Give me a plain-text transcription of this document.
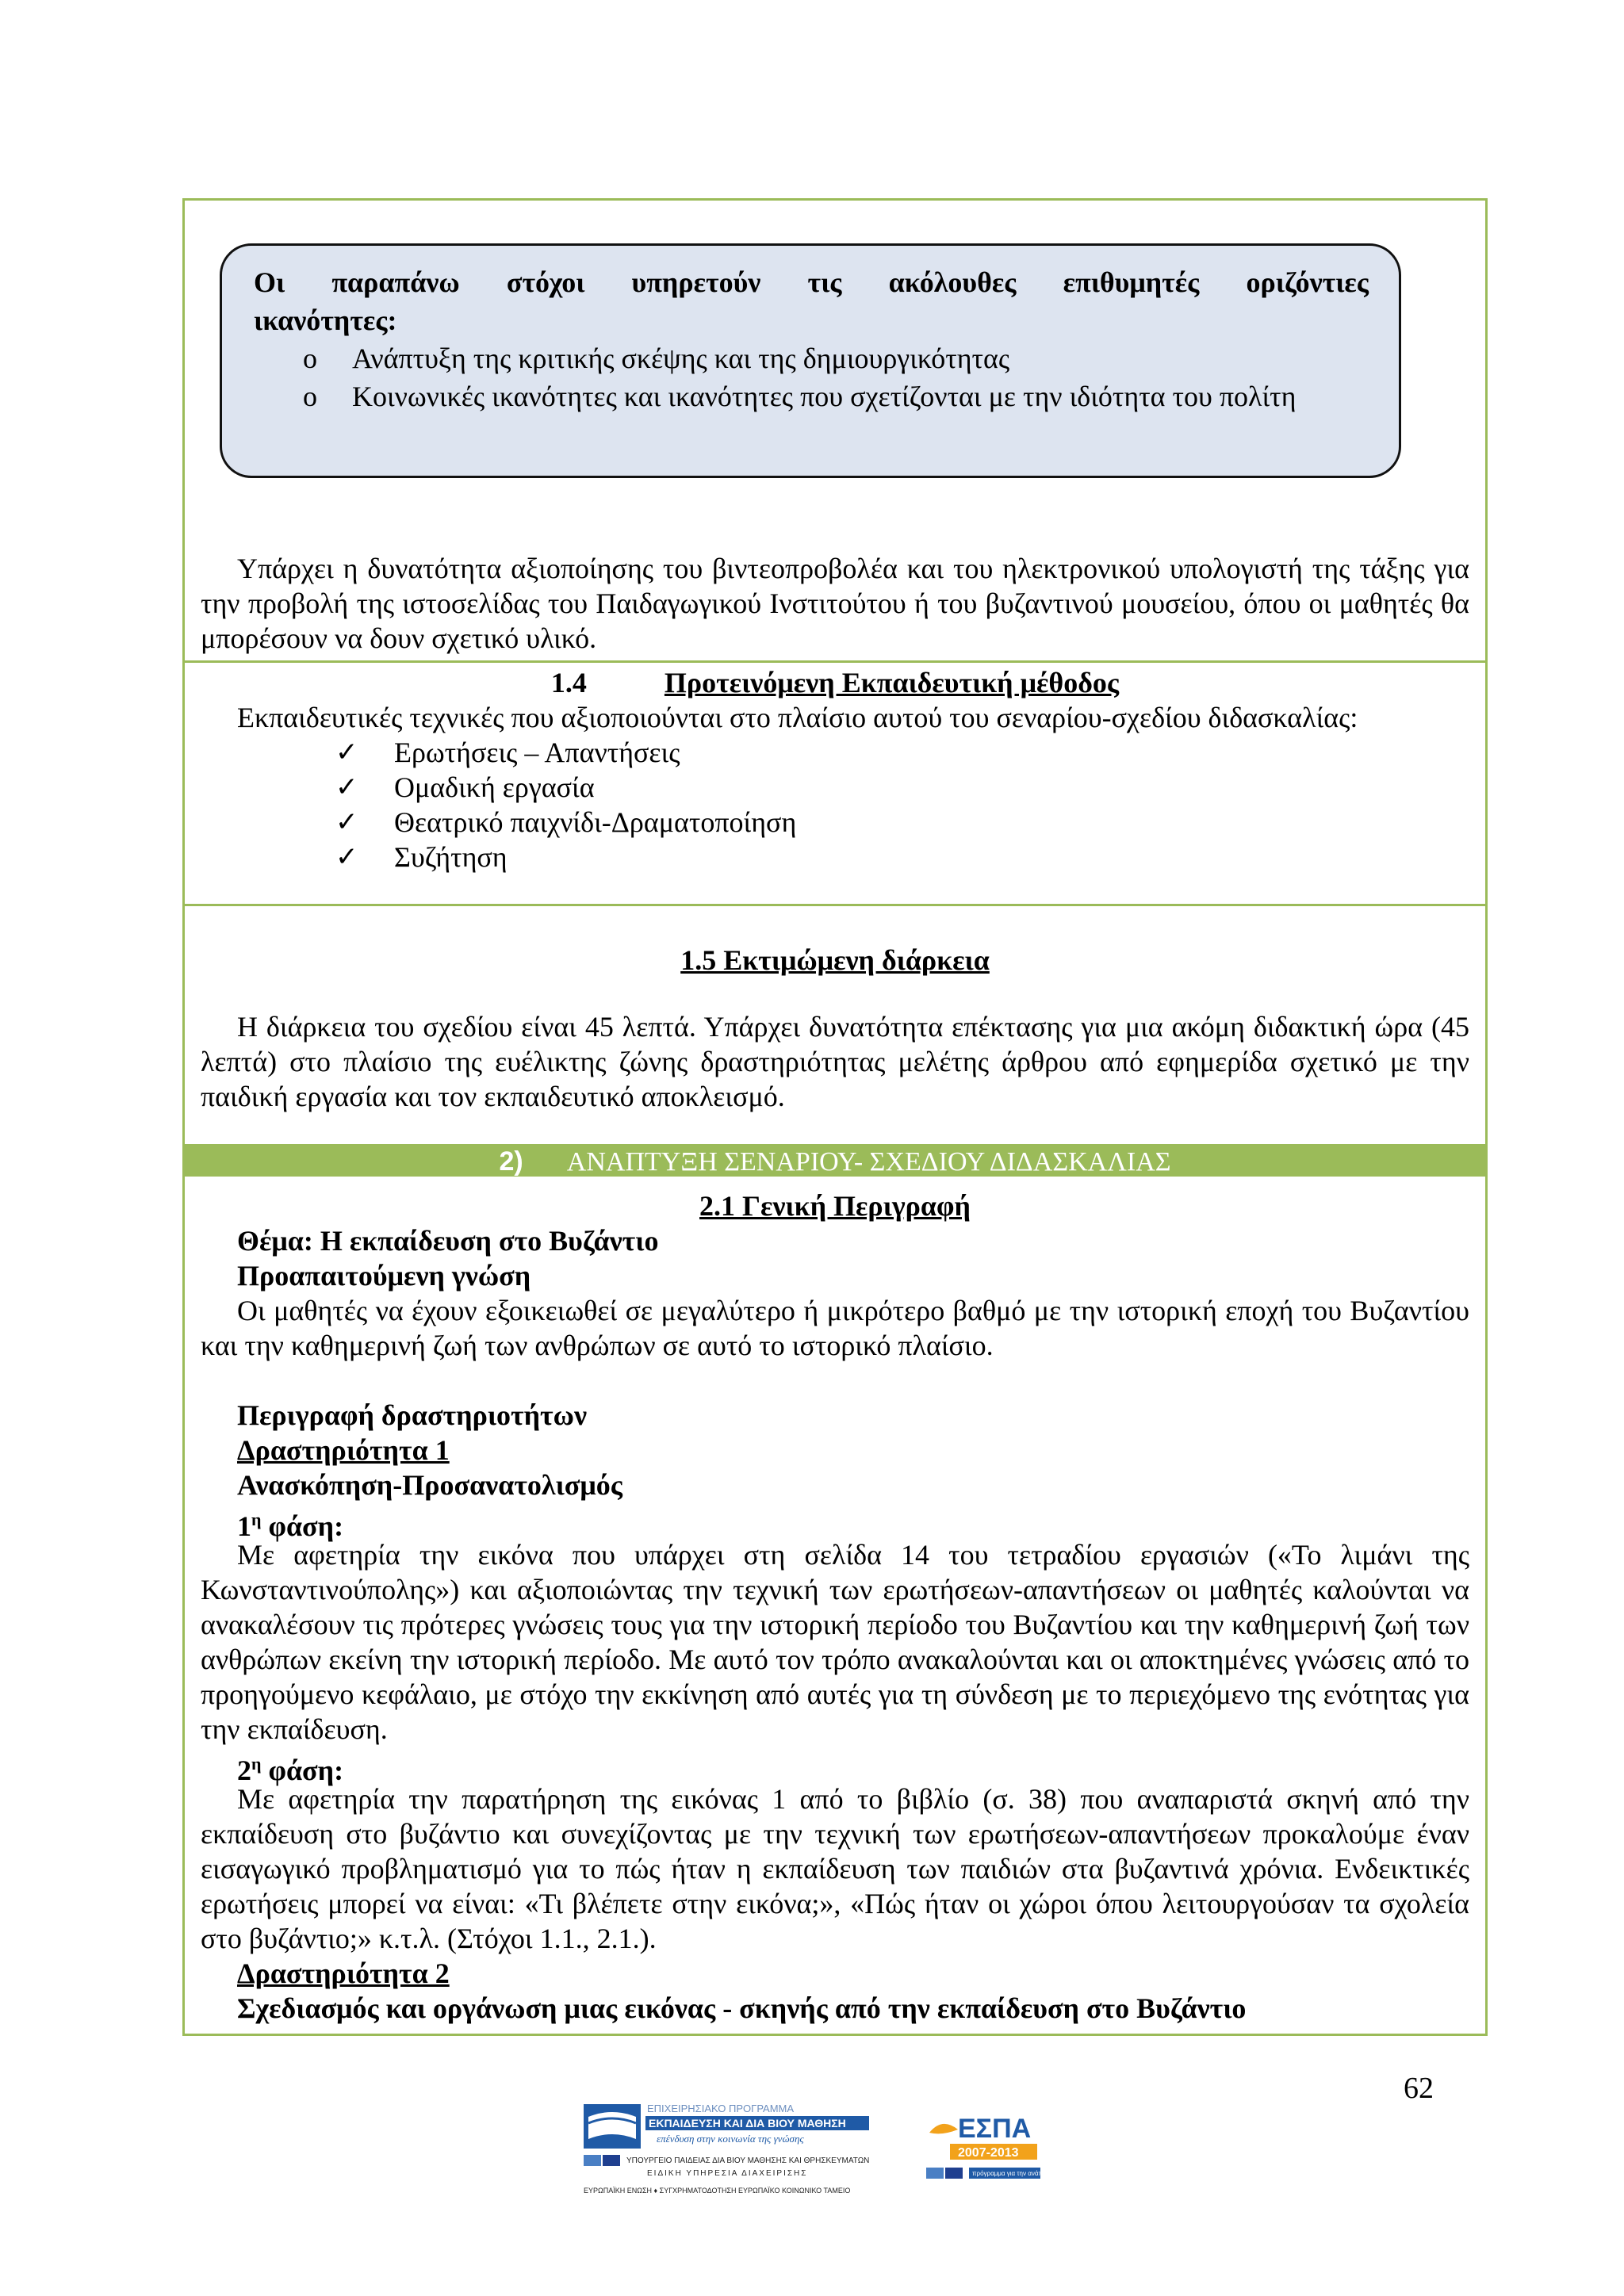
Οι παραπάνω στόχοι υπηρετούν τις ακόλουθες επιθυμητές οριζόντιες
ικανότητες:
o	Ανάπτυξη της κριτικής σκέψης και της δημιουργικότητας
o	Κοινωνικές ικανότητες και ικανότητες που σχετίζονται με την ιδιότητα του πολίτη
Υπάρχει η δυνατότητα αξιοποίησης του βιντεοπροβολέα και του ηλεκτρονικού υπολογιστή της τάξης για την προβολή της ιστοσελίδας του Παιδαγωγικού Ινστιτούτου ή του βυζαντινού μουσείου, όπου οι μαθητές θα μπορέσουν να δουν σχετικό υλικό.
1.4	Προτεινόμενη Εκπαιδευτική μέθοδος
Εκπαιδευτικές τεχνικές που αξιοποιούνται στο πλαίσιο αυτού του σεναρίου-σχεδίου διδασκαλίας:
✓ Ερωτήσεις – Απαντήσεις
✓ Ομαδική εργασία
✓ Θεατρικό παιχνίδι-Δραματοποίηση
✓ Συζήτηση
1.5 Εκτιμώμενη διάρκεια
Η διάρκεια του σχεδίου είναι 45 λεπτά. Υπάρχει δυνατότητα επέκτασης για μια ακόμη διδακτική ώρα (45 λεπτά) στο πλαίσιο της ευέλικτης ζώνης δραστηριότητας μελέτης άρθρου από εφημερίδα σχετικό με την παιδική εργασία και τον εκπαιδευτικό αποκλεισμό.
2) ΑΝΑΠΤΥΞΗ ΣΕΝΑΡΙΟΥ- ΣΧΕΔΙΟΥ ΔΙΔΑΣΚΑΛΙΑΣ
2.1 Γενική Περιγραφή
Θέμα: Η εκπαίδευση στο Βυζάντιο
Προαπαιτούμενη γνώση
Οι μαθητές να έχουν εξοικειωθεί σε μεγαλύτερο ή μικρότερο βαθμό με την ιστορική εποχή του Βυζαντίου και την καθημερινή ζωή των ανθρώπων σε αυτό το ιστορικό πλαίσιο.
Περιγραφή δραστηριοτήτων
Δραστηριότητα 1
Ανασκόπηση-Προσανατολισμός
$1^\eta$ φάση:
Με αφετηρία την εικόνα που υπάρχει στη σελίδα 14 του τετραδίου εργασιών («Το λιμάνι της Κωνσταντινούπολης») και αξιοποιώντας την τεχνική των ερωτήσεων-απαντήσεων οι μαθητές καλούνται να ανακαλέσουν τις πρότερες γνώσεις τους για την ιστορική περίοδο του Βυζαντίου και την καθημερινή ζωή των ανθρώπων εκείνη την ιστορική περίοδο. Με αυτό τον τρόπο ανακαλούνται και οι αποκτημένες γνώσεις από το προηγούμενο κεφάλαιο, με στόχο την εκκίνηση από αυτές για τη σύνδεση με το περιεχόμενο της ενότητας για την εκπαίδευση.
$2^\eta$ φάση:
Με αφετηρία την παρατήρηση της εικόνας 1 από το βιβλίο (σ. 38) που αναπαριστά σκηνή από την εκπαίδευση στο βυζάντιο και συνεχίζοντας με την τεχνική των ερωτήσεων-απαντήσεων προκαλούμε έναν εισαγωγικό προβληματισμό για το πώς ήταν η εκπαίδευση των παιδιών στα βυζαντινά χρόνια. Ενδεικτικές ερωτήσεις μπορεί να είναι: «Τι βλέπετε στην εικόνα;», «Πώς ήταν οι χώροι όπου λειτουργούσαν τα σχολεία στο βυζάντιο;» κ.τ.λ. (Στόχοι 1.1., 2.1.).
Δραστηριότητα 2
Σχεδιασμός και οργάνωση μιας εικόνας - σκηνής από την εκπαίδευση στο Βυζάντιο
62
ΕΠΙΧΕΙΡΗΣΙΑΚΟ ΠΡΟΓΡΑΜΜΑ
ΕΚΠΑΙΔΕΥΣΗ ΚΑΙ ΔΙΑ ΒΙΟΥ ΜΑΘΗΣΗ
επένδυση στην κοινωνία της γνώσης
ΥΠΟΥΡΓΕΙΟ ΠΑΙΔΕΙΑΣ ΔΙΑ ΒΙΟΥ ΜΑΘΗΣΗΣ ΚΑΙ ΘΡΗΣΚΕΥΜΑΤΩΝ
ΕΙΔΙΚΗ ΥΠΗΡΕΣΙΑ ΔΙΑΧΕΙΡΙΣΗΣ
ΕΥΡΩΠΑΪΚΗ ΕΝΩΣΗ ♦ ΣΥΓΧΡΗΜΑΤΟΔΟΤΗΣΗ ΕΥΡΩΠΑΪΚΟ ΚΟΙΝΩΝΙΚΟ ΤΑΜΕΙΟ
ΕΣΠΑ
2007-2013
πρόγραμμα για την ανάπτυξη
